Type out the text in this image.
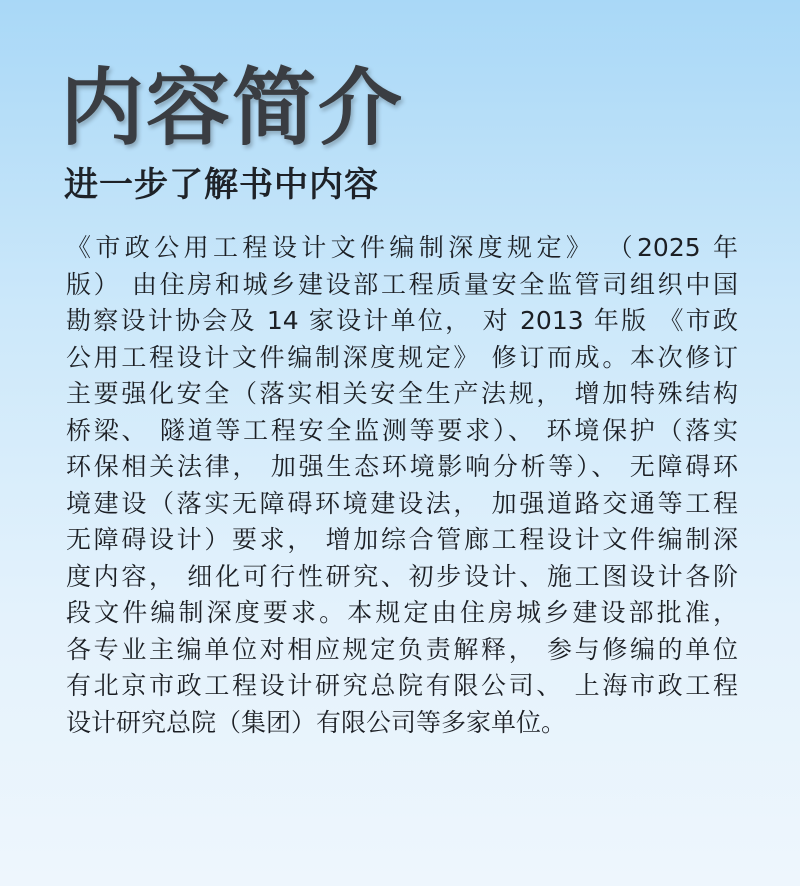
内容简介
进一步了解书中内容
《市政公用工程设计文件编制深度规定》 （2025 年
版） 由住房和城乡建设部工程质量安全监管司组织中国
勘察设计协会及 14 家设计单位， 对 2013 年版 《市政
公用工程设计文件编制深度规定》 修订而成。本次修订
主要强化安全（落实相关安全生产法规， 增加特殊结构
桥梁、 隧道等工程安全监测等要求）、 环境保护（落实
环保相关法律， 加强生态环境影响分析等）、 无障碍环
境建设（落实无障碍环境建设法， 加强道路交通等工程
无障碍设计）要求， 增加综合管廊工程设计文件编制深
度内容， 细化可行性研究、初步设计、施工图设计各阶
段文件编制深度要求。本规定由住房城乡建设部批准，
各专业主编单位对相应规定负责解释， 参与修编的单位
有北京市政工程设计研究总院有限公司、 上海市政工程
设计研究总院（集团）有限公司等多家单位。
